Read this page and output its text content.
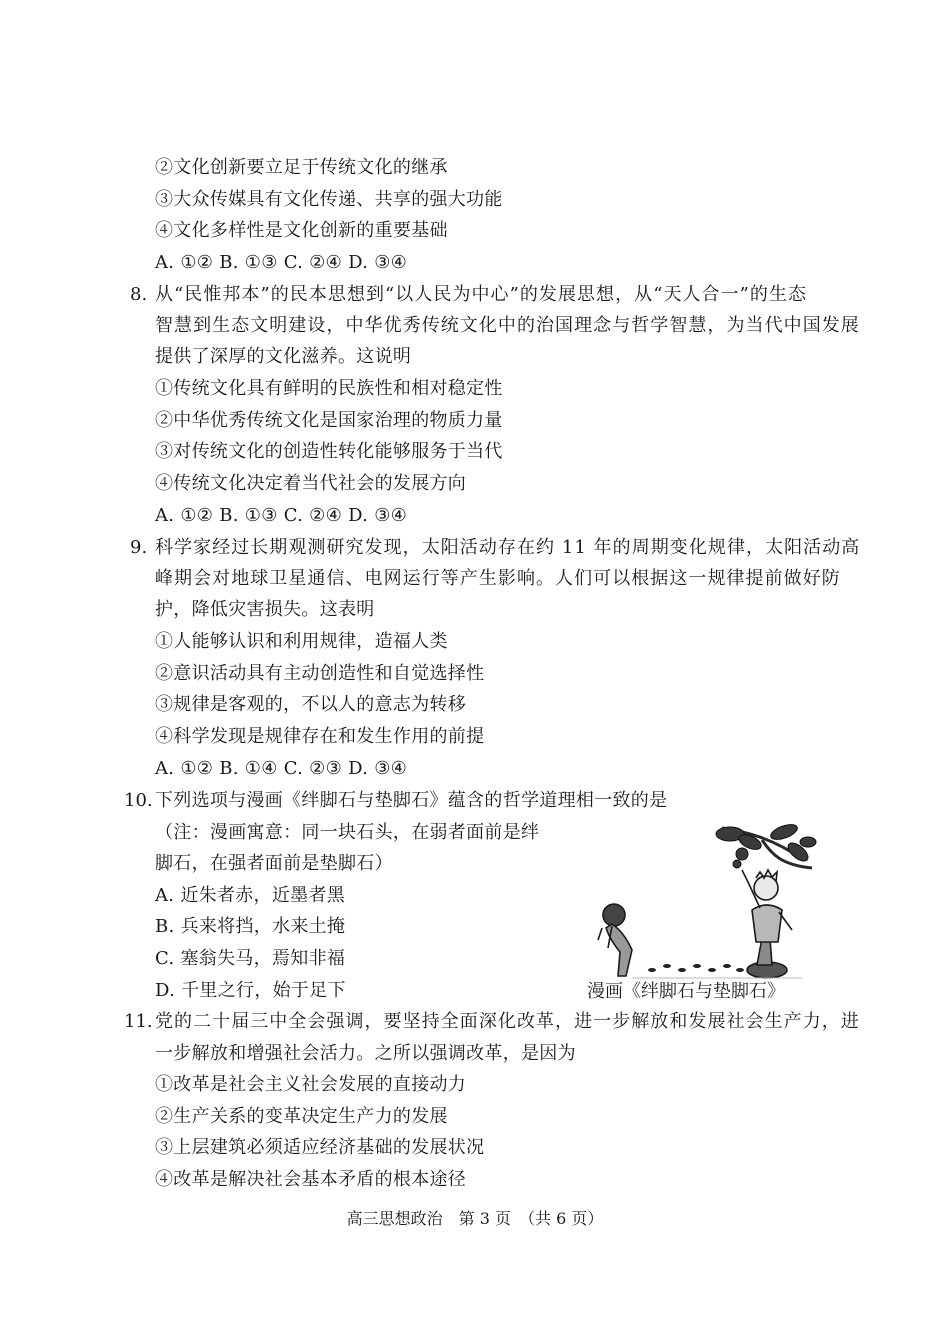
②文化创新要立足于传统文化的继承
③大众传媒具有文化传递、共享的强大功能
④文化多样性是文化创新的重要基础
A. ①② B. ①③ C. ②④ D. ③④
8. 从“民惟邦本”的民本思想到“以人民为中心”的发展思想，从“天人合一”的生态
智慧到生态文明建设，中华优秀传统文化中的治国理念与哲学智慧，为当代中国发展
提供了深厚的文化滋养。这说明
①传统文化具有鲜明的民族性和相对稳定性
②中华优秀传统文化是国家治理的物质力量
③对传统文化的创造性转化能够服务于当代
④传统文化决定着当代社会的发展方向
A. ①② B. ①③ C. ②④ D. ③④
9. 科学家经过长期观测研究发现，太阳活动存在约 11 年的周期变化规律，太阳活动高
峰期会对地球卫星通信、电网运行等产生影响。人们可以根据这一规律提前做好防
护，降低灾害损失。这表明
①人能够认识和利用规律，造福人类
②意识活动具有主动创造性和自觉选择性
③规律是客观的，不以人的意志为转移
④科学发现是规律存在和发生作用的前提
A. ①② B. ①④ C. ②③ D. ③④
10. 下列选项与漫画《绊脚石与垫脚石》蕴含的哲学道理相一致的是
（注：漫画寓意：同一块石头，在弱者面前是绊
脚石，在强者面前是垫脚石）
A. 近朱者赤，近墨者黑
B. 兵来将挡，水来土掩
C. 塞翁失马，焉知非福
D. 千里之行，始于足下	漫画《绊脚石与垫脚石》
11. 党的二十届三中全会强调，要坚持全面深化改革，进一步解放和发展社会生产力，进
一步解放和增强社会活力。之所以强调改革，是因为
①改革是社会主义社会发展的直接动力
②生产关系的变革决定生产力的发展
③上层建筑必须适应经济基础的发展状况
④改革是解决社会基本矛盾的根本途径
高三思想政治　第 3 页　（共 6 页）
